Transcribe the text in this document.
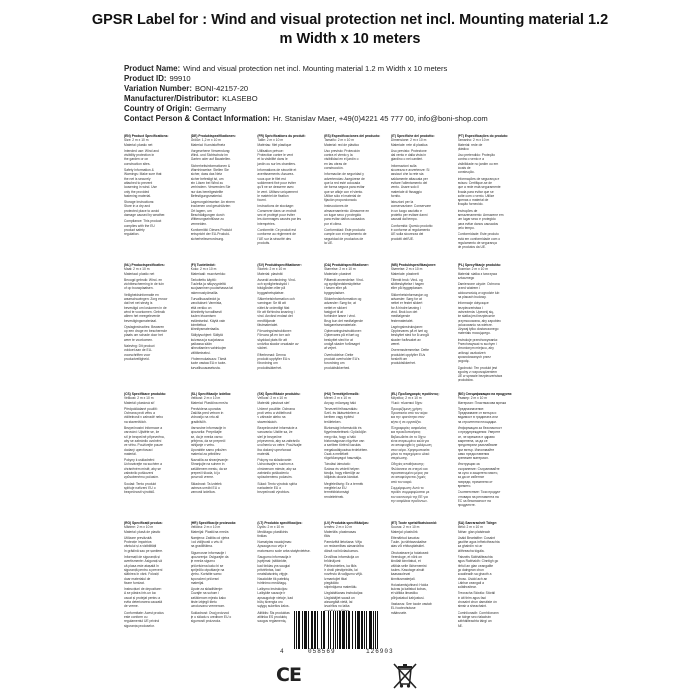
GPSR Label for : Wind and visual protection net incl. Mounting material 1.2 m Width x 10 meters
Product Name: Wind and visual protection net incl. Mounting material 1.2 m Width x 10 meters
Product ID: 99910
Variation Number: BONI-42157-20
Manufacturer/Distributor: KLASEBO
Country of Origin: Germany
Contact Person & Contact Information: Hr. Stanislav Maer, +49(0)4221 45 777 00, info@boni-shop.com
(EN) Product Specifications:
Size: 2 m x 10 m
Material: plastic net
Intended use: Wind and
visibility protection in
the garden or on
construction sites.
Safety Information &
Warnings: Make sure that
the net is securely
attached to prevent
loosening in wind. Use
only the provided
fastening material.
Storage Instructions:
Store in a dry and
protected place to avoid
damage caused by weather.
Compliance: This product
complies with the EU
product safety
regulation.
(DE) Produktspezifikationen:
Größe: 1,2 m x 10 m
Material: Kunststoffnetz
Vorgesehene Verwendung:
Wind- und Sichtschutz im
Garten oder auf Baustellen.
Sicherheitsinformationen &
Warnhinweise: Stellen Sie
sicher, dass das Netz
sicher befestigt ist, um
ein Lösen bei Wind zu
verhindern. Verwenden Sie
nur das bereitgestellte
Befestigungsmaterial.
Lagerungshinweise: An einem
trockenen und geschützten
Ort lagern, um
Beschädigungen durch
Witterungseinflüsse zu
vermeiden.
Konformität: Dieses Produkt
entspricht der EU-Produkt-
sicherheitsverordnung.
(FR) Spécifications du produit:
Taille: 2 m x 10 m
Matériau: filet plastique
Utilisation prévue:
Protection contre le vent
et la visibilité dans le
jardin ou sur les chantiers.
Informations de sécurité et
avertissements: Assurez-
vous que le filet est
solidement fixé pour éviter
qu'il ne se desserre avec
le vent. Utilisez uniquement
le matériel de fixation
fourni.
Instructions de stockage:
Conserver dans un endroit
sec et protégé pour éviter
les dommages causés par les
intempéries.
Conformité: Ce produit est
conforme au règlement de
l'UE sur la sécurité des
produits.
(ES) Especificaciones del producto:
Tamaño: 2 m x 10 m
Material: red de plástico
Uso previsto: Protección
contra el viento y la
visibilidad en el jardín o
en las obras de
construcción.
Información de seguridad y
advertencias: Asegúrese de
que la red esté colocada
de forma segura para evitar
que se afloje con el viento.
Utilice sólo el material de
fijación proporcionado.
Instrucciones de
almacenamiento: Almacene en
un lugar seco y protegido
para evitar daños causados
por el clima.
Conformidad: Este producto
cumple con el reglamento de
seguridad de productos de
la UE.
(IT) Specifiche del prodotto:
Dimensione: 2 m x 10 m
Materiale: rete di plastica
Uso previsto: Protezione
dal vento e dalla vista in
giardino o nei cantieri.
Informazioni sulla
sicurezza e avvertenze: Si
assicuri che la rete sia
saldamente attaccata per
evitare l'allentamento del
vento. Usare solo il
materiale di fissaggio
fornito.
Istruzioni per la
conservazione: Conservare
in un luogo asciutto e
protetto per evitare danni
causati dal tempo.
Conformità: Questo prodotto
è conforme al regolamento
UE sulla sicurezza dei
prodotti dell'UE.
(PT) Especificações do produto:
Tamanho: 2 m x 10 m
Material: rede de
plástico
Uso pretendido: Proteção
contra o vento e a
visibilidade no jardim ou em
locais de
construção.
Informações de segurança e
avisos: Certifique-se de
que a rede está seguramente
fixada para evitar que se
solte com o vento. Utilize
apenas o material de
fixação fornecido.
Instruções de
armazenamento: Armazene em
um lugar seco e protegido
para evitar danos causados
pelo tempo.
Conformidade: Este produto
está em conformidade com o
regulamento de segurança
de produtos da UE.
(NL) Productspecificaties:
Maat: 2 m x 10 m
Materiaal: plastic net
Beoogd gebruik: Wind- en
zichtbescherming in de tuin
of op bouwplaatsen.
Veiligheidsinformatie en
waarschuwingen: Zorg ervoor
dat het net stevig is
bevestigd om loskomen in de
wind te voorkomen. Gebruik
alleen het meegeleverde
bevestigingsmateriaal.
Opslaginstructies: Bewaren
op een droge en beschermde
plaats om schade door het
weer te voorkomen.
Naleving: Dit product
voldoet aan de EU-
voorschriften voor
productveiligheid.
(FI) Tuotetiedot:
Koko: 2 m x 10 m
Materiaali: muoviverkko
Tarkoitettu käyttö:
Tuulelta ja näkyvyydeltä
suojaaminen puutarhassa tai
rakennustyömailla.
Turvallisuustiedot ja
varoitukset: Varmista,
että verkko on
kiinnitetty turvallisesti
tuulen irtoamisen
estämiseksi. Käytä vain
toimitettua
kiinnitysmateriaalia.
Säilytysohjeet: Säilytä
kuivassa ja suojatussa
paikassa sään
aiheuttamien vahinkojen
välttämiseksi.
Yhdenmukaisuus: Tämä
tuote vastaa EU:n tuote-
turvallisuusasetusta.
(SV) Produktspecifikationer:
Storlek: 2 m x 10 m
Material: plastnät
Avsedd användning: Vind-
och synlighetsskydd i
trädgården eller på
byggarbetsplatser.
Säkerhetsinformation och
varningar: Se till att
nätet är ordentligt fäst
för att förhindra lossning i
vind. Använd endast det
medföljande
fästmaterialet.
Förvaringsinstruktioner:
Förvara på en torr och
skyddad plats för att
undvika skador orsakade av
vädret.
Efterlevnad: Denna
produkt uppfyller EU:s
förordning om
produktsäkerhet.
(DA) Produktspecifikationer:
Størrelse: 2 m x 10 m
Materiale: plastnet
Påtænkt anvendelse: Vind-
og synlighedsbeskyttelse
i haven eller på
byggepladser.
Sikkerhedsinformation og
advarsler: Sørg for, at
nettet er sikkert
fastgjort til at
forhindre løsne i vind.
Brug kun det medfølgende
fastgørelsesmateriale.
Opbevaringsinstruktioner:
Opbevares på et tørt og
beskyttet sted for at
undgå skader forårsaget
af vejret.
Overholdelse: Dette
produkt overholder EU's
forordning om
produktsikkerhed.
(NB) Produktspesifikasjoner:
Størrelse: 2 m x 10 m
Materiale: plastnett
Tiltenkt bruk: Vind- og
siktbeskyttelse i hagen
eller på byggeplasser.
Sikkerhetsinformasjon og
advarsler: Sørg for at
nettet er festet sikkert
for å hindre løsning i
vind. Bruk kun det
medfølgende
festematerialet.
Lagringsinstruksjoner:
Oppbevares på et tørt og
beskyttet sted for å unngå
skader forårsaket av
været.
Overensstemmelse: Dette
produktet oppfyller EUs
forskrift om
produktsikkerhet.
(PL) Specyfikacje produktu:
Rozmiar: 2 m x 10 m
Materiał: siatka z tworzywa
sztucznego
Zamierzone użycie: Ochrona
przed wiatrem i
widocznością w ogrodzie lub
na placach budowy.
Informacje dotyczące
bezpieczeństwa i
ostrzeżenia: Upewnij się,
że siatka jest bezpiecznie
przymocowana, aby zapobiec
poluzowaniu na wietrze.
Używaj tylko dostarczonego
materiału mocującego.
Instrukcje przechowywania:
Przechowywać w suchym i
chronionym miejscu, aby
uniknąć uszkodzeń
spowodowanych przez
pogodę.
Zgodność: Ten produkt jest
zgodny z rozporządzeniem
UE w sprawie bezpieczeństwa
produktów.
(CS) Specifikace produktu:
Velikost: 2 m x 10 m
Materiál: plastová síť
Předpokládané použití:
Ochrana proti větru a
viditelnosti v zahradě nebo
na staveništích.
Bezpečnostní informace a
varování: Ujistěte se, že
síť je bezpečně připevněna,
aby se zabránilo uvolnění
ve větru. Používejte pouze
dodaný upevňovací
materiál.
Pokyny k uskladnění:
Uchovávejte na suchém a
chráněném místě, aby se
zabránilo poškození
způsobenému počasím.
Soulad: Tento produkt
splňuje nařízení EU o
bezpečnosti výrobků.
(SL) Specifikacije izdelka:
Velikost: 2 m x 10 m
Material: Plastična mreža
Predvidena uporaba:
Zaščita pred vetrom in
vidnostjo na vrtu ali
gradbiščih.
Varnostne informacije in
opozorila: Prepričajte
se, da je mreža varno
pritrjena, da se prepreči
rahljanje v vetru.
Uporabite samo priložen
material za pritrditev.
Navodila za shranjevanje:
Shranjujte na suhem in
zaščitenem mestu, da se
prepreči škoda, ki jo
povzroči vreme.
Skladnost: Ta izdelek
ustreza uredbi EU o
varnosti izdelkov.
(SK) Špecifikácie produktu:
Veľkosť: 2 m x 10 m
Materiál: plastová sieť
Určené použitie: Ochrana
proti vetru a viditeľnosti
v záhrade alebo na
staveniskách.
Bezpečnostné informácie a
varovania: Uistite sa, že
sieť je bezpečne
pripevnená, aby sa zabránilo
uvoľneniu vo vetre. Používajte
iba dodaný upevňovací
materiál.
Pokyny na skladovanie:
Uchovávajte v suchom a
chránenom mieste, aby sa
zabránilo poškodeniu
spôsobenému počasím.
Súlad: Tento výrobok spĺňa
nariadenie EÚ o
bezpečnosti výrobkov.
(HU) Termékjellemzők:
Méret: 2 m x 10 m
Anyag: műanyag háló
Tervezett felhasználás:
Szél- és látásvédelem a
kertben vagy építési
területeken.
Biztonsági információk és
figyelmeztetések: Győződjön
meg róla, hogy a háló
biztonságosan rögzítve van
a szélben történő lazulás
megakadályozása érdekében.
Csak a mellékelt
rögzítőanyagot használja.
Tárolási útmutató:
Száraz és védett helyen
tárolja, hogy elkerülje az
időjárás okozta károkat.
Megfelelőség: Ez a termék
megfelel az EU
termékbiztonsági
rendeletének.
(EL) Προδιαγραφές προϊόντος:
Μέγεθος: 2 m x 10 m
Υλικό: πλαστικό δίχτυ
Προοριζόμενη χρήση:
Προστασία από τον αέρα
και την ορατότητα στον
κήπο ή σε εργοτάξια.
Πληροφορίες ασφαλείας
και προειδοποιήσεις:
Βεβαιωθείτε ότι το δίχτυ
είναι στερεωμένο καλά για
να αποφευχθεί η χαλάρωση
στον αέρα. Χρησιμοποιείτε
μόνο το παρεχόμενο υλικό
στερέωσης.
Οδηγίες αποθήκευσης:
Φυλάσσετε σε στεγνό και
προστατευμένο μέρος για
να αποφεύγονται ζημιές
από τον καιρό.
Συμμόρφωση: Αυτό το
προϊόν συμμορφώνεται με
τον κανονισμό της ΕΕ για
την ασφάλεια προϊόντων.
(BG) Спецификации на продукта:
Размер: 2 m x 10 m
Материал: Пластмасова мрежа
Предназначение:
Предпазване от вятъра и
видимост в градината или
на строителни площадки.
Информация за безопасност
и предупреждения: Уверете
се, че мрежата е здраво
закрепена, за да се
предотврати разхлабване
при вятър. Използвайте
само предоставения
крепежен материал.
Инструкции за
съхранение: Съхранявайте
на сухо и защитено място,
за да се избегнат
повреди, причинени от
времето.
Съответствие: Този продукт
отговаря на регламента на
ЕС за безопасност на
продуктите.
(RO) Specificații produs:
Mărime: 2 m x 10 m
Material: plasă de plastic
Utilizare prevăzută:
Protecție împotriva
vântului și a vizibilității
în grădină sau pe șantiere.
Informații de siguranță și
avertismente: Asigurați-vă
că plasa este atașată în
siguranță pentru a preveni
slăbirea în vânt. Folosiți
doar materialul de
fixare furnizat.
Instrucțiuni de depozitare:
A se păstra într-un loc
uscat și protejat pentru a
evita deteriorarea cauzată
de vreme.
Conformitate: Acest produs
este conform cu
regulamentul UE privind
siguranța produselor.
(HR) Specifikacije proizvoda:
Veličina: 2 m x 10 m
Materijal: Plastična mreža
Namjena: Zaštita od vjetra
i od vidljivosti u vrtu ili
na gradilištima.
Sigurnosne informacije i
upozorenja: Osigurajte da
je mreža sigurno
pričvršćena kako bi se
spriječilo otpuštanje na
vjetru. Koristite samo
isporučeni pričvrsni
materijal.
Upute za skladištenje:
Čuvajte na suhom i
zaštićenom mjestu kako
biste izbjegli štetu
uzrokovanu vremenom.
Sukladnost: Ovaj proizvod
je u skladu s uredbom EU o
sigurnosti proizvoda.
(LT) Produkto specifikacijos:
Dydis: 2 m x 10 m
Medžiaga: plastikinis
tinklas
Numatytas naudojimas:
Apsauga nuo vėjo ir
matomumo sode arba statybvietėse.
Saugumo informacija ir
įspėjimai: Įsitikinkite,
kad tinklas yra saugiai
pritvirtintas, kad
neatsilaisvintų vėjyje.
Naudokite tik pateiktą
tvirtinimo medžiagą.
Laikymo instrukcijos:
Laikykite sausoje ir
apsaugotoje vietoje, kad
būtų išvengta oro
sąlygų sukeltos žalos.
Atitiktis: Šis produktas
atitinka ES produktų
saugos reglamentą.
(LV) Produkta specifikācijas:
Izmērs: 2 m x 10 m
Materiāls: plastmasas
tīkls
Paredzētā lietošana: Vēja
un redzamības aizsardzība
dārzā vai būvlaukumos.
Drošības informācija un
brīdinājumi:
Pārliecinieties, ka tīkls
ir droši piestiprināts, lai
novērstu tā vaļīgumu vējā.
Izmantojiet tikai
piegādāto
stiprinājuma materiālu.
Uzglabāšanas instrukcijas:
Uzglabājiet sausā un
aizsargātā vietā, lai
izvairītos no laika
(ET) Toote spetsifikatsioonid:
Suurus: 2 m x 10 m
Materjal: plastvõrk
Ettenähtud kasutus:
Tuule- ja nähtavuskaitse
aias või ehitusplatsidel.
Ohutusteave ja hoiatused:
Veenduge, et võrk on
kindlalt kinnitatud, et
vältida selle lõdvenemist
tuules. Kasutage ainult
kaasasolevat
kinnitusmaterjali.
Hoiustamisjuhised: Hoida
kuivas ja kaitstud kohas,
et vältida ilmastiku
põhjustatud kahjustusi.
Vastavus: See toode vastab
ELi tooteohutuse
määrusele.
(SA) Sanraracheit Táirge:
Méid: 2 m x 10 m
Ábhar: glan plaisteach
Úsáid Beartaithe: Cosaint
gaoithe agus infheictheachta
sa ghairdín nó ar
láithreacha tógála.
Faisnéis Sábháilteachta
agus Rabhaidh: Cinntigh go
bhfuil an glan ceangailte
go daingean chun
scaoileadh sa ghaoth a
chosc. Úsáid ach an
t-ábhar ceangail a
soláthraítear.
Treoracha Stórála: Stóráil
in áit tirim agus faoi
chosaint chun damáiste ón
aimsir a sheachaint.
Comhlíonadh: Comhlíonann
an táirge seo rialachán
sábháilteachta táirgí an
AE.
4	058569	126903
CE
